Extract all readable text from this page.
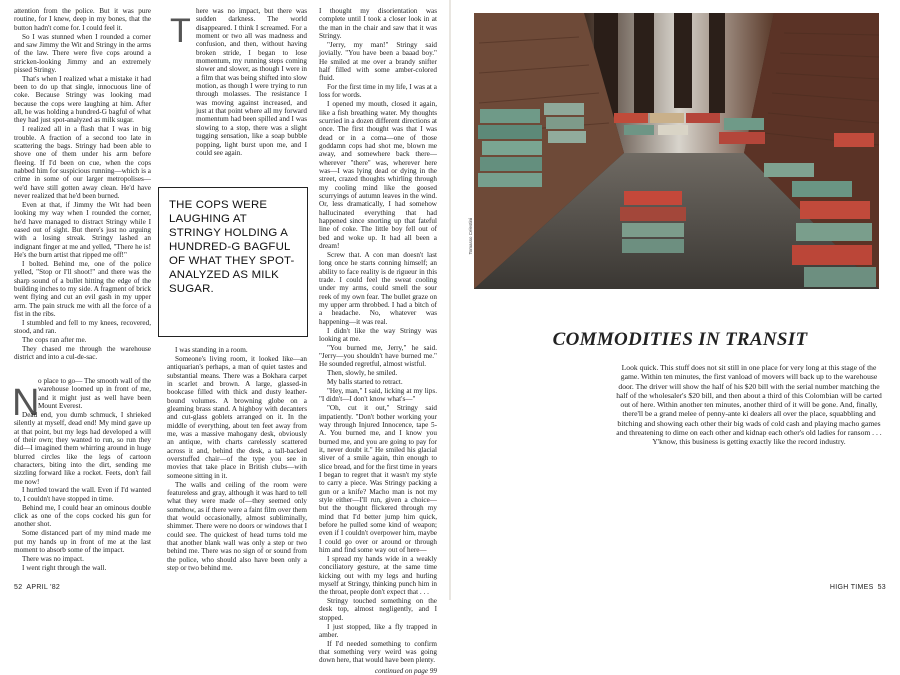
attention from the police. But it was pure routine, for I knew, deep in my bones, that the button hadn't come for. I could feel it.

So I was stunned when I rounded a corner and saw Jimmy the Wit and Stringy in the arms of the law. There were five cops around a stricken-looking Jimmy and an extremely pissed Stringy.

That's when I realized what a mistake it had been to do up that single, innocuous line of coke. Because Stringy was looking mad because the cops were laughing at him. After all, he was holding a hundred-G bagful of what they had just spot-analyzed as milk sugar.

I realized all in a flash that I was in big trouble. A fraction of a second too late in scattering the bags. Stringy had been able to shove one of them under his arm before fleeing. If I'd been on cue, when the cops nabbed him for suspicious running—which is a crime in some of our larger metropolises—we'd have still gotten away clean. He'd have never realized that he'd been burned.

Even at that, if Jimmy the Wit had been looking my way when I rounded the corner, he'd have managed to distract Stringy while I eased out of sight. But there's just no arguing with a losing streak. Stringy lashed an indignant finger at me and yelled, "There he is! He's the burn artist that ripped me off!"

I bolted. Behind me, one of the police yelled, "Stop or I'll shoot!" and there was the sharp sound of a bullet hitting the edge of the building inches to my side. A fragment of brick went flying and cut an evil gash in my upper arm. The pain struck me with all the force of a fist in the ribs.

I stumbled and fell to my knees, recovered, stood, and ran.

The cops ran after me.

They chased me through the warehouse district and into a cul-de-sac.

N

o place to go— The smooth wall of the warehouse loomed up in front of me, and it might just as well have been Mount Everest.

Dead end, you dumb schmuck, I shrieked silently at myself, dead end! My mind gave up at that point, but my legs had developed a will of their own; they wanted to run, so run they did—I imagined them whirring around in huge blurred circles like the legs of cartoon characters, biting into the dirt, sending me sizzling forward like a rocket. Feets, don't fail me now!

I hurtled toward the wall. Even if I'd wanted to, I couldn't have stopped in time.

Behind me, I could hear an ominous double click as one of the cops cocked his gun for another shot.

Some distanced part of my mind made me put my hands up in front of me at the last moment to absorb some of the impact.

There was no impact.

I went right through the wall.

T

here was no impact, but there was sudden darkness. The world disappeared. I think I screamed. For a moment or two all was madness and confusion, and then, without having broken stride, I began to lose momentum, my running steps coming slower and slower, as though I were in a film that was being shifted into slow motion, as though I were trying to run through molasses. The resistance I was moving against increased, and just at that point where all my forward momentum had been spilled and I was slowing to a stop, there was a slight tugging sensation, like a soap bubble popping, light burst upon me, and I could see again.

THE COPS WERE LAUGHING AT STRINGY HOLDING A HUNDRED-G BAGFUL OF WHAT THEY SPOT-ANALYZED AS MILK SUGAR.

I was standing in a room.

Someone's living room, it looked like—an antiquarian's perhaps, a man of quiet tastes and substantial means. There was a Bokhara carpet in scarlet and brown. A large, glassed-in bookcase filled with thick and dusty leather-bound volumes. A browning globe on a gleaming brass stand. A highboy with decanters and cut-glass goblets arranged on it. In the middle of everything, about ten feet away from me, was a massive mahogany desk, obviously an antique, with charts carelessly scattered across it and, behind the desk, a tall-backed overstuffed chair—of the type you see in movies that take place in British clubs—with someone sitting in it.

The walls and ceiling of the room were featureless and gray, although it was hard to tell what they were made of—they seemed only somehow, as if there were a faint film over them that would occasionally, almost subliminally, shimmer. There were no doors or windows that I could see. The quickest of head turns told me that another blank wall was only a step or two behind me. There was no sign of or sound from the police, who should also have been only a step or two behind me.

I thought my disorientation was complete until I took a closer look in at the man in the chair and saw that it was Stringy.

"Jerry, my man!" Stringy said jovially. "You have been a baaad boy." He smiled at me over a brandy snifter half filled with some amber-colored fluid.

For the first time in my life, I was at a loss for words.

I opened my mouth, closed it again, like a fish breathing water. My thoughts scurried in a dozen different directions at once. The first thought was that I was dead or in a coma—one of those goddamn cops had shot me, blown me away, and somewhere back there—wherever "there" was, wherever here was—I was lying dead or dying in the street, crazed thoughts whirling through my cooling mind like the goosed scurryings of autumn leaves in the wind. Or, less dramatically, I had somehow hallucinated everything that had happened since snorting up that fateful line of coke. The little boy fell out of bed and woke up. It had all been a dream!

Screw that. A con man doesn't last long once he starts conning himself; an ability to face reality is de rigueur in this trade. I could feel the sweat cooling under my arms, could smell the sour reek of my own fear. The bullet graze on my upper arm throbbed. I had a bitch of a headache. No, whatever was happening—it was real.

I didn't like the way Stringy was looking at me.

"You burned me, Jerry," he said. "Jerry—you shouldn't have burned me." He sounded regretful, almost wistful.

Then, slowly, he smiled.

My balls started to retract.

"Hey, man," I said, licking at my lips. "I didn't—I don't know what's—"

"Oh, cut it out," Stringy said impatiently. "Don't bother working your way through Injured Innocence, tape 5-A. You burned me, and I know you burned me, and you are going to pay for it, never doubt it." He smiled his glacial sliver of a smile again, thin enough to slice bread, and for the first time in years I began to regret that it wasn't my style to carry a piece. Was Stringy packing a gun or a knife? Macho man is not my style either—I'll run, given a choice—but the thought flickered through my mind that I'd better jump him quick, before he pulled some kind of weapon; even if I couldn't overpower him, maybe I could go over or around or through him and find some way out of here—

I spread my hands wide in a weakly conciliatory gesture, at the same time kicking out with my legs and hurling myself at Stringy, thinking punch him in the throat, people don't expect that . . .

Stringy touched something on the desk top, almost negligently, and I stopped.

I just stopped, like a fly trapped in amber.

If I'd needed something to confirm that something very weird was going down here, that would have been plenty.

continued on page 99

52 APRIL '82
Tomasso Celestini
COMMODITIES IN TRANSIT
Look quick. This stuff does not sit still in one place for very long at this stage of the game. Within ten minutes, the first vanload of movers will back up to the warehouse door. The driver will show the half of his $20 bill with the serial number matching the half of the wholesaler's $20 bill, and then about a third of this Colombian will be carted out of here. Within another ten minutes, another third of it will be gone. And, finally, there'll be a grand melee of penny-ante ki dealers all over the place, squabbling and bitching and showing each other their big wads of cold cash and playing macho games and threatening to dime on each other and kidnap each other's old ladies for ransom . . . Y'know, this business is getting exactly like the record industry.
HIGH TIMES 53
